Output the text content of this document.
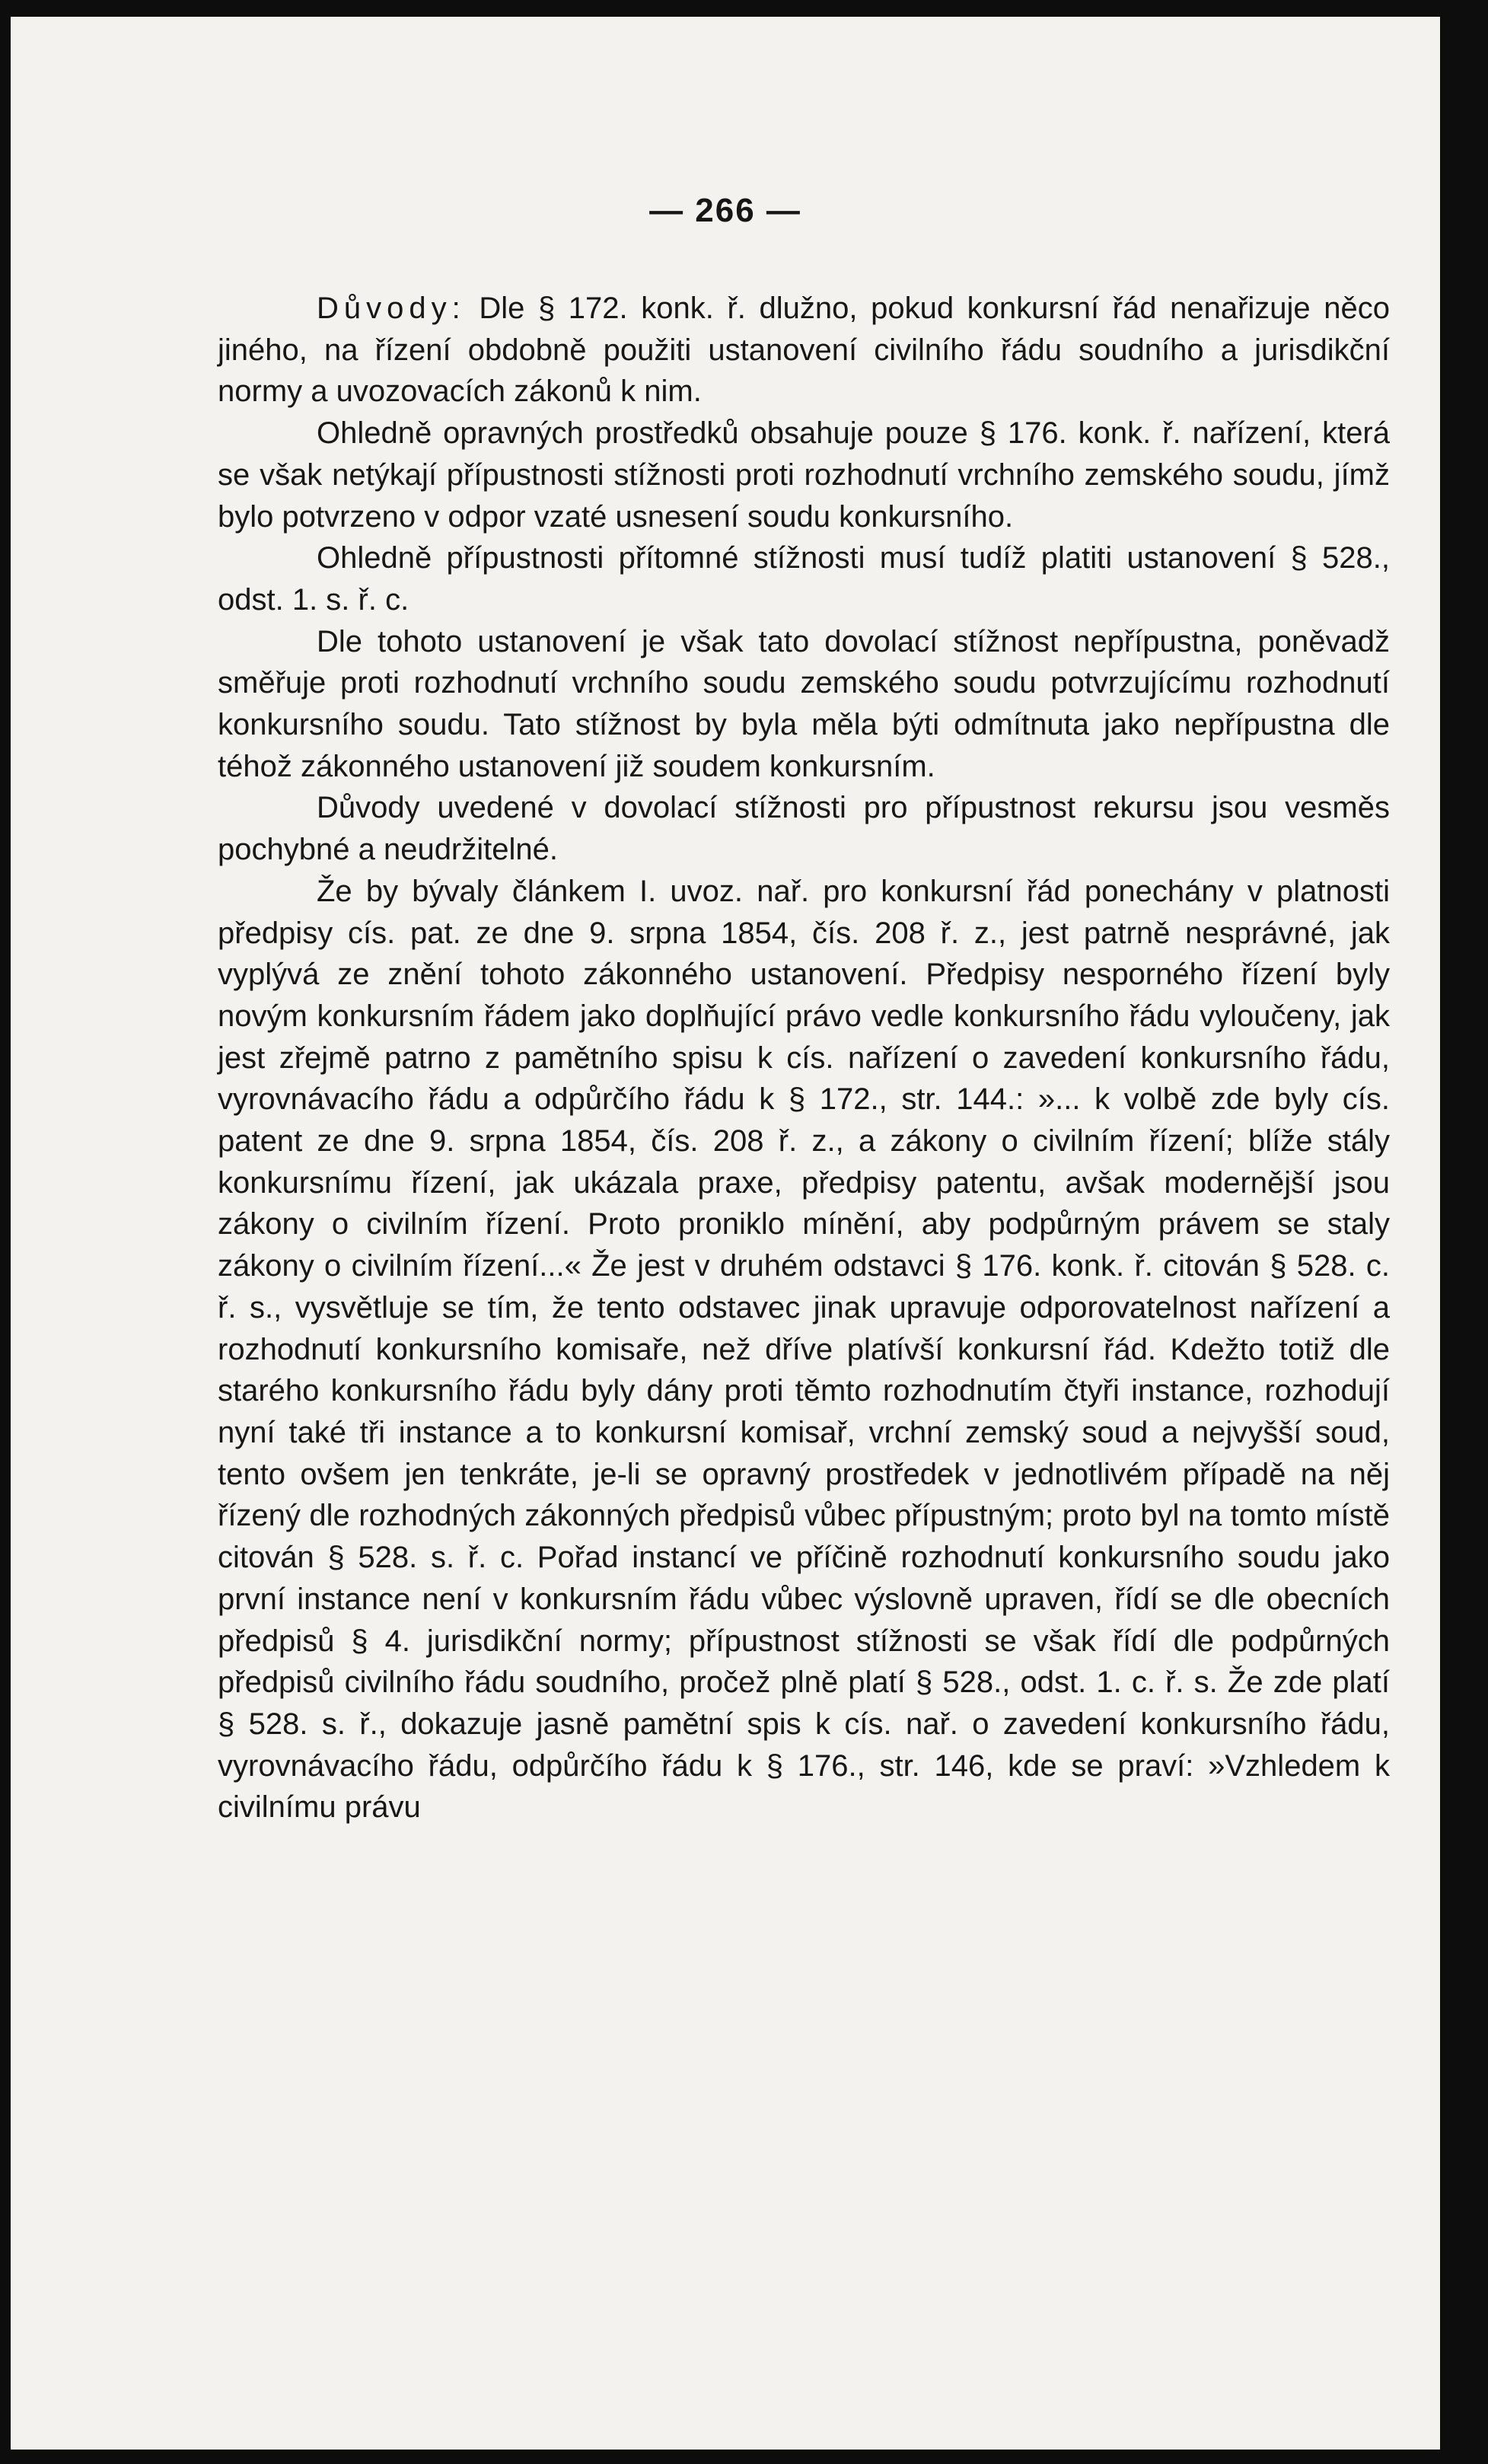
— 266 —

Důvody: Dle § 172. konk. ř. dlužno, pokud konkursní řád nenařizuje něco jiného, na řízení obdobně použiti ustanovení civilního řádu soudního a jurisdikční normy a uvozovacích zákonů k nim.

Ohledně opravných prostředků obsahuje pouze § 176. konk. ř. nařízení, která se však netýkají přípustnosti stížnosti proti rozhodnutí vrchního zemského soudu, jímž bylo potvrzeno v odpor vzaté usnesení soudu konkursního.

Ohledně přípustnosti přítomné stížnosti musí tudíž platiti ustanovení § 528., odst. 1. s. ř. c.

Dle tohoto ustanovení je však tato dovolací stížnost nepřípustna, poněvadž směřuje proti rozhodnutí vrchního soudu zemského soudu potvrzujícímu rozhodnutí konkursního soudu. Tato stížnost by byla měla býti odmítnuta jako nepřípustna dle téhož zákonného ustanovení již soudem konkursním.

Důvody uvedené v dovolací stížnosti pro přípustnost rekursu jsou vesměs pochybné a neudržitelné.

Že by bývaly článkem I. uvoz. nař. pro konkursní řád ponechány v platnosti předpisy cís. pat. ze dne 9. srpna 1854, čís. 208 ř. z., jest patrně nesprávné, jak vyplývá ze znění tohoto zákonného ustanovení. Předpisy nesporného řízení byly novým konkursním řádem jako doplňující právo vedle konkursního řádu vyloučeny, jak jest zřejmě patrno z pamětního spisu k cís. nařízení o zavedení konkursního řádu, vyrovnávacího řádu a odpůrčího řádu k § 172., str. 144.: »... k volbě zde byly cís. patent ze dne 9. srpna 1854, čís. 208 ř. z., a zákony o civilním řízení; blíže stály konkursnímu řízení, jak ukázala praxe, předpisy patentu, avšak modernější jsou zákony o civilním řízení. Proto proniklo mínění, aby podpůrným právem se staly zákony o civilním řízení...« Že jest v druhém odstavci § 176. konk. ř. citován § 528. c. ř. s., vysvětluje se tím, že tento odstavec jinak upravuje odporovatelnost nařízení a rozhodnutí konkursního komisaře, než dříve platívší konkursní řád. Kdežto totiž dle starého konkursního řádu byly dány proti těmto rozhodnutím čtyři instance, rozhodují nyní také tři instance a to konkursní komisař, vrchní zemský soud a nejvyšší soud, tento ovšem jen tenkráte, je-li se opravný prostředek v jednotlivém případě na něj řízený dle rozhodných zákonných předpisů vůbec přípustným; proto byl na tomto místě citován § 528. s. ř. c. Pořad instancí ve příčině rozhodnutí konkursního soudu jako první instance není v konkursním řádu vůbec výslovně upraven, řídí se dle obecních předpisů § 4. jurisdikční normy; přípustnost stížnosti se však řídí dle podpůrných předpisů civilního řádu soudního, pročež plně platí § 528., odst. 1. c. ř. s. Že zde platí § 528. s. ř., dokazuje jasně pamětní spis k cís. nař. o zavedení konkursního řádu, vyrovnávacího řádu, odpůrčího řádu k § 176., str. 146, kde se praví: »Vzhledem k civilnímu právu
